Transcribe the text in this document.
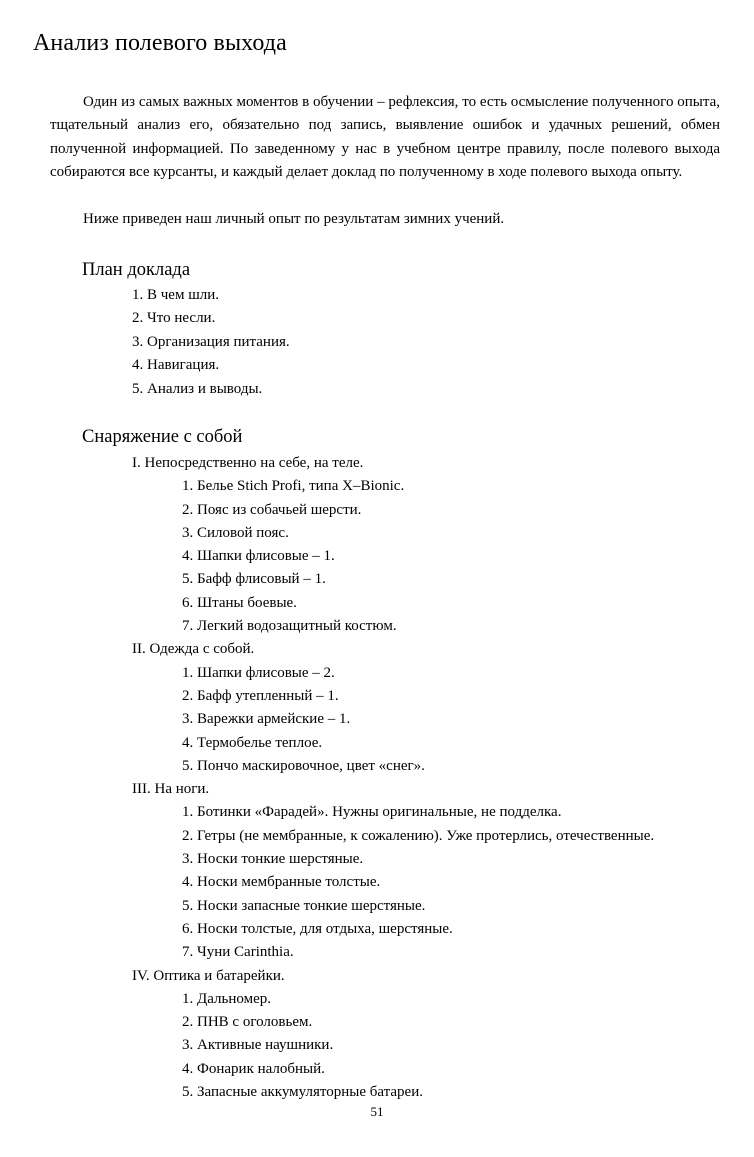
Анализ полевого выхода

Один из самых важных моментов в обучении – рефлексия, то есть осмысление полученного опыта, тщательный анализ его, обязательно под запись, выявление ошибок и удачных решений, обмен полученной информацией. По заведенному у нас в учебном центре правилу, после полевого выхода собираются все курсанты, и каждый делает доклад по полученному в ходе полевого выхода опыту.

Ниже приведен наш личный опыт по результатам зимних учений.

План доклада
1. В чем шли.
2. Что несли.
3. Организация питания.
4. Навигация.
5. Анализ и выводы.
Снаряжение с собой
I. Непосредственно на себе, на теле.
1. Белье Stich Profi, типа X–Bionic.
2. Пояс из собачьей шерсти.
3. Силовой пояс.
4. Шапки флисовые – 1.
5. Бафф флисовый – 1.
6. Штаны боевые.
7. Легкий водозащитный костюм.
II. Одежда с собой.
1. Шапки флисовые – 2.
2. Бафф утепленный – 1.
3. Варежки армейские – 1.
4. Термобелье теплое.
5. Пончо маскировочное, цвет «снег».
III. На ноги.
1. Ботинки «Фарадей». Нужны оригинальные, не подделка.
2. Гетры (не мембранные, к сожалению). Уже протерлись, отечественные.
3. Носки тонкие шерстяные.
4. Носки мембранные толстые.
5. Носки запасные тонкие шерстяные.
6. Носки толстые, для отдыха, шерстяные.
7. Чуни Carinthia.
IV. Оптика и батарейки.
1. Дальномер.
2. ПНВ с оголовьем.
3. Активные наушники.
4. Фонарик налобный.
5. Запасные аккумуляторные батареи.
51
